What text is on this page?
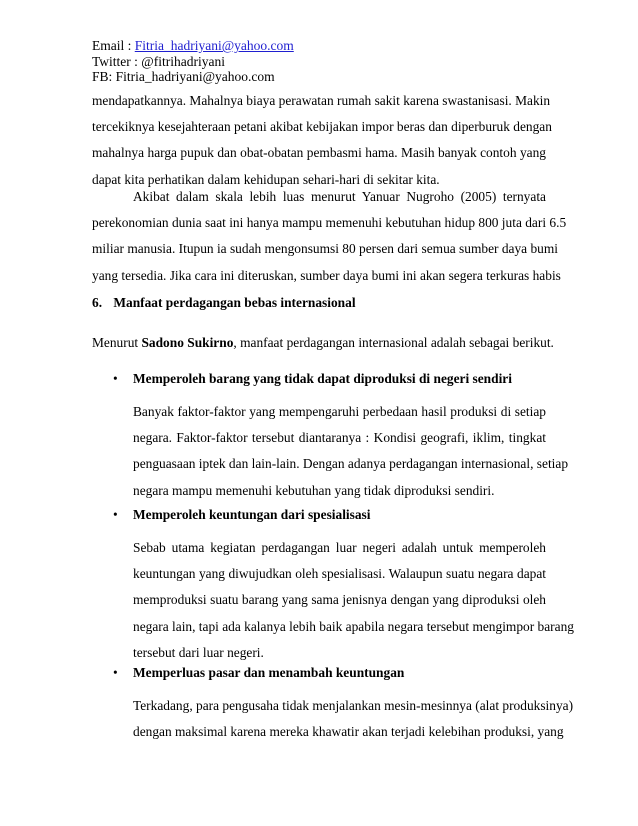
Email : Fitria_hadriyani@yahoo.com
Twitter : @fitrihadriyani
FB: Fitria_hadriyani@yahoo.com
mendapatkannya. Mahalnya biaya perawatan rumah sakit karena swastanisasi. Makin
tercekiknya kesejahteraan petani akibat kebijakan impor beras dan diperburuk dengan
mahalnya harga pupuk dan obat-obatan pembasmi hama. Masih banyak contoh yang
dapat kita perhatikan dalam kehidupan sehari-hari di sekitar kita.
Akibat dalam skala lebih luas menurut Yanuar Nugroho (2005) ternyata
perekonomian dunia saat ini hanya mampu memenuhi kebutuhan hidup 800 juta dari 6.5
miliar manusia. Itupun ia sudah mengonsumsi 80 persen dari semua sumber daya bumi
yang tersedia. Jika cara ini diteruskan, sumber daya bumi ini akan segera terkuras habis
6. Manfaat perdagangan bebas internasional
Menurut Sadono Sukirno, manfaat perdagangan internasional adalah sebagai berikut.
• Memperoleh barang yang tidak dapat diproduksi di negeri sendiri
Banyak faktor-faktor yang mempengaruhi perbedaan hasil produksi di setiap
negara. Faktor-faktor tersebut diantaranya : Kondisi geografi, iklim, tingkat
penguasaan iptek dan lain-lain. Dengan adanya perdagangan internasional, setiap
negara mampu memenuhi kebutuhan yang tidak diproduksi sendiri.
• Memperoleh keuntungan dari spesialisasi
Sebab utama kegiatan perdagangan luar negeri adalah untuk memperoleh
keuntungan yang diwujudkan oleh spesialisasi. Walaupun suatu negara dapat
memproduksi suatu barang yang sama jenisnya dengan yang diproduksi oleh
negara lain, tapi ada kalanya lebih baik apabila negara tersebut mengimpor barang
tersebut dari luar negeri.
• Memperluas pasar dan menambah keuntungan
Terkadang, para pengusaha tidak menjalankan mesin-mesinnya (alat produksinya)
dengan maksimal karena mereka khawatir akan terjadi kelebihan produksi, yang
